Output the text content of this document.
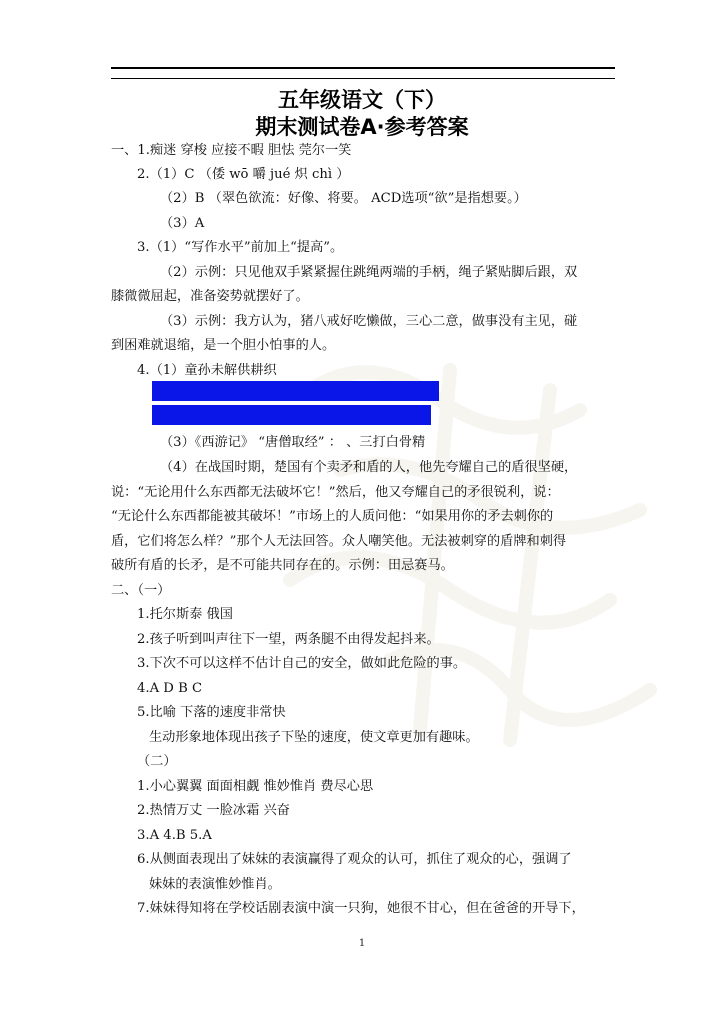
五年级语文（下）
期末测试卷A·参考答案
一、1.痴迷 穿梭 应接不暇 胆怯 莞尔一笑
2.（1）C （倭 wō 嚼 jué 炽 chì ）
（2）B （翠色欲流：好像、将要。 ACD选项“欲”是指想要。）
（3）A
3.（1）“写作水平”前加上“提高”。
（2）示例：只见他双手紧紧握住跳绳两端的手柄，绳子紧贴脚后跟，双
膝微微屈起，准备姿势就摆好了。
（3）示例：我方认为，猪八戒好吃懒做，三心二意，做事没有主见，碰
到困难就退缩，是一个胆小怕事的人。
4.（1）童孙未解供耕织
（2）华讽应期米满盈，向梅落口伐枝满。
颇拉石战穿金甲，不破楼兰终不还。
（3）《西游记》 “唐僧取经” ： 、三打白骨精
（4）在战国时期，楚国有个卖矛和盾的人，他先夸耀自己的盾很坚硬，
说：“无论用什么东西都无法破坏它！”然后，他又夸耀自己的矛很锐利，说：
“无论什么东西都能被其破坏！”市场上的人质问他：“如果用你的矛去刺你的
盾，它们将怎么样？”那个人无法回答。众人嘲笑他。无法被刺穿的盾牌和刺得
破所有盾的长矛，是不可能共同存在的。示例：田忌赛马。
二、（一）
1.托尔斯泰 俄国
2.孩子听到叫声往下一望，两条腿不由得发起抖来。
3.下次不可以这样不估计自己的安全，做如此危险的事。
4.A D B C
5.比喻 下落的速度非常快
生动形象地体现出孩子下坠的速度，使文章更加有趣味。
（二）
1.小心翼翼 面面相觑 惟妙惟肖 费尽心思
2.热情万丈 一脸冰霜 兴奋
3.A 4.B 5.A
6.从侧面表现出了妹妹的表演赢得了观众的认可，抓住了观众的心，强调了
妹妹的表演惟妙惟肖。
7.妹妹得知将在学校话剧表演中演一只狗，她很不甘心，但在爸爸的开导下，
1
